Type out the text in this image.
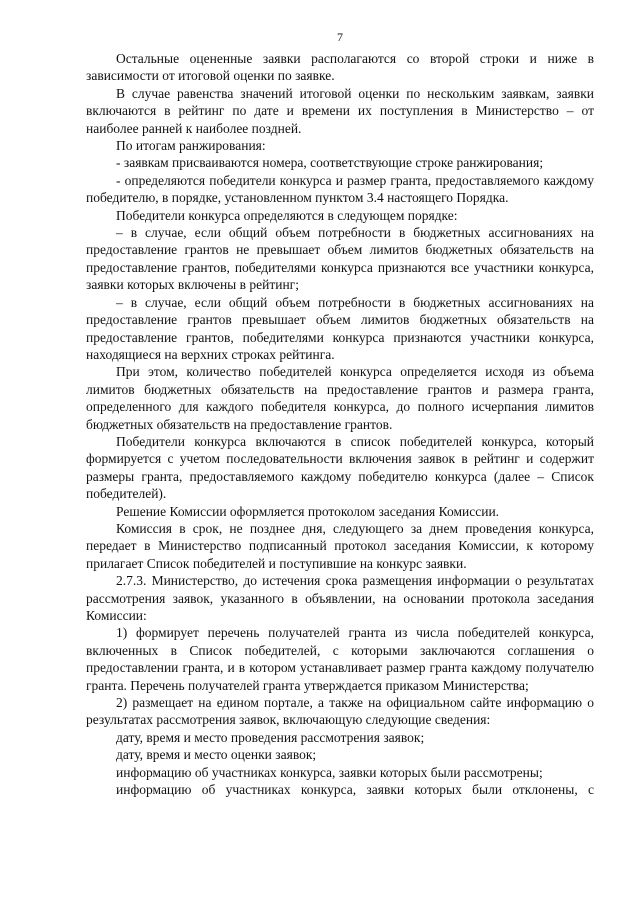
7

Остальные оцененные заявки располагаются со второй строки и ниже в зависимости от итоговой оценки по заявке.

В случае равенства значений итоговой оценки по нескольким заявкам, заявки включаются в рейтинг по дате и времени их поступления в Министерство – от наиболее ранней к наиболее поздней.

По итогам ранжирования:

- заявкам присваиваются номера, соответствующие строке ранжирования;

- определяются победители конкурса и размер гранта, предоставляемого каждому победителю, в порядке, установленном пунктом 3.4 настоящего Порядка.

Победители конкурса определяются в следующем порядке:

– в случае, если общий объем потребности в бюджетных ассигнованиях на предоставление грантов не превышает объем лимитов бюджетных обязательств на предоставление грантов, победителями конкурса признаются все участники конкурса, заявки которых включены в рейтинг;

– в случае, если общий объем потребности в бюджетных ассигнованиях на предоставление грантов превышает объем лимитов бюджетных обязательств на предоставление грантов, победителями конкурса признаются участники конкурса, находящиеся на верхних строках рейтинга.

При этом, количество победителей конкурса определяется исходя из объема лимитов бюджетных обязательств на предоставление грантов и размера гранта, определенного для каждого победителя конкурса, до полного исчерпания лимитов бюджетных обязательств на предоставление грантов.

Победители конкурса включаются в список победителей конкурса, который формируется с учетом последовательности включения заявок в рейтинг и содержит размеры гранта, предоставляемого каждому победителю конкурса (далее – Список победителей).

Решение Комиссии оформляется протоколом заседания Комиссии.

Комиссия в срок, не позднее дня, следующего за днем проведения конкурса, передает в Министерство подписанный протокол заседания Комиссии, к которому прилагает Список победителей и поступившие на конкурс заявки.

2.7.3. Министерство, до истечения срока размещения информации о результатах рассмотрения заявок, указанного в объявлении, на основании протокола заседания Комиссии:

1) формирует перечень получателей гранта из числа победителей конкурса, включенных в Список победителей, с которыми заключаются соглашения о предоставлении гранта, и в котором устанавливает размер гранта каждому получателю гранта. Перечень получателей гранта утверждается приказом Министерства;

2) размещает на едином портале, а также на официальном сайте информацию о результатах рассмотрения заявок, включающую следующие сведения:

дату, время и место проведения рассмотрения заявок;

дату, время и место оценки заявок;

информацию об участниках конкурса, заявки которых были рассмотрены;

информацию об участниках конкурса, заявки которых были отклонены, с
